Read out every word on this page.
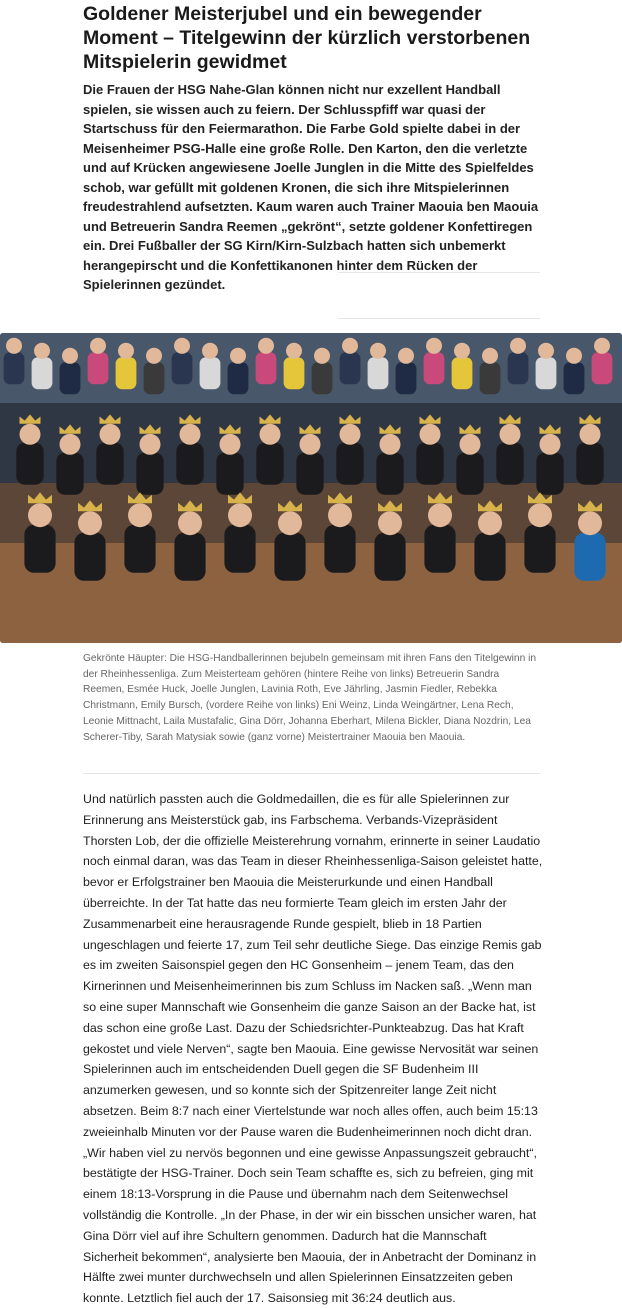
Goldener Meisterjubel und ein bewegender Moment – Titelgewinn der kürzlich verstorbenen Mitspielerin gewidmet

Die Frauen der HSG Nahe-Glan können nicht nur exzellent Handball spielen, sie wissen auch zu feiern. Der Schlusspfiff war quasi der Startschuss für den Feiermarathon. Die Farbe Gold spielte dabei in der Meisenheimer PSG-Halle eine große Rolle. Den Karton, den die verletzte und auf Krücken angewiesene Joelle Junglen in die Mitte des Spielfeldes schob, war gefüllt mit goldenen Kronen, die sich ihre Mitspielerinnen freudestrahlend aufsetzten. Kaum waren auch Trainer Maouia ben Maouia und Betreuerin Sandra Reemen „gekrönt“, setzte goldener Konfettiregen ein. Drei Fußballer der SG Kirn/Kirn-Sulzbach hatten sich unbemerkt herangepirscht und die Konfettikanonen hinter dem Rücken der Spielerinnen gezündet.

Gekrönte Häupter: Die HSG-Handballerinnen bejubeln gemeinsam mit ihren Fans den Titelgewinn in der Rheinhessenliga. Zum Meisterteam gehören (hintere Reihe von links) Betreuerin Sandra Reemen, Esmée Huck, Joelle Junglen, Lavinia Roth, Eve Jährling, Jasmin Fiedler, Rebekka Christmann, Emily Bursch, (vordere Reihe von links) Eni Weinz, Linda Weingärtner, Lena Rech, Leonie Mittnacht, Laila Mustafalic, Gina Dörr, Johanna Eberhart, Milena Bickler, Diana Nozdrin, Lea Scherer-Tiby, Sarah Matysiak sowie (ganz vorne) Meistertrainer Maouia ben Maouia.

Und natürlich passten auch die Goldmedaillen, die es für alle Spielerinnen zur Erinnerung ans Meisterstück gab, ins Farbschema. Verbands-Vizepräsident Thorsten Lob, der die offizielle Meisterehrung vornahm, erinnerte in seiner Laudatio noch einmal daran, was das Team in dieser Rheinhessenliga-Saison geleistet hatte, bevor er Erfolgstrainer ben Maouia die Meisterurkunde und einen Handball überreichte. In der Tat hatte das neu formierte Team gleich im ersten Jahr der Zusammenarbeit eine herausragende Runde gespielt, blieb in 18 Partien ungeschlagen und feierte 17, zum Teil sehr deutliche Siege. Das einzige Remis gab es im zweiten Saisonspiel gegen den HC Gonsenheim – jenem Team, das den Kirnerinnen und Meisenheimerinnen bis zum Schluss im Nacken saß. „Wenn man so eine super Mannschaft wie Gonsenheim die ganze Saison an der Backe hat, ist das schon eine große Last. Dazu der Schiedsrichter-Punkteabzug. Das hat Kraft gekostet und viele Nerven“, sagte ben Maouia. Eine gewisse Nervosität war seinen Spielerinnen auch im entscheidenden Duell gegen die SF Budenheim III anzumerken gewesen, und so konnte sich der Spitzenreiter lange Zeit nicht absetzen. Beim 8:7 nach einer Viertelstunde war noch alles offen, auch beim 15:13 zweieinhalb Minuten vor der Pause waren die Budenheimerinnen noch dicht dran. „Wir haben viel zu nervös begonnen und eine gewisse Anpassungszeit gebraucht“, bestätigte der HSG-Trainer. Doch sein Team schaffte es, sich zu befreien, ging mit einem 18:13-Vorsprung in die Pause und übernahm nach dem Seitenwechsel vollständig die Kontrolle. „In der Phase, in der wir ein bisschen unsicher waren, hat Gina Dörr viel auf ihre Schultern genommen. Dadurch hat die Mannschaft Sicherheit bekommen“, analysierte ben Maouia, der in Anbetracht der Dominanz in Hälfte zwei munter durchwechseln und allen Spielerinnen Einsatzzeiten geben konnte. Letztlich fiel auch der 17. Saisonsieg mit 36:24 deutlich aus.
